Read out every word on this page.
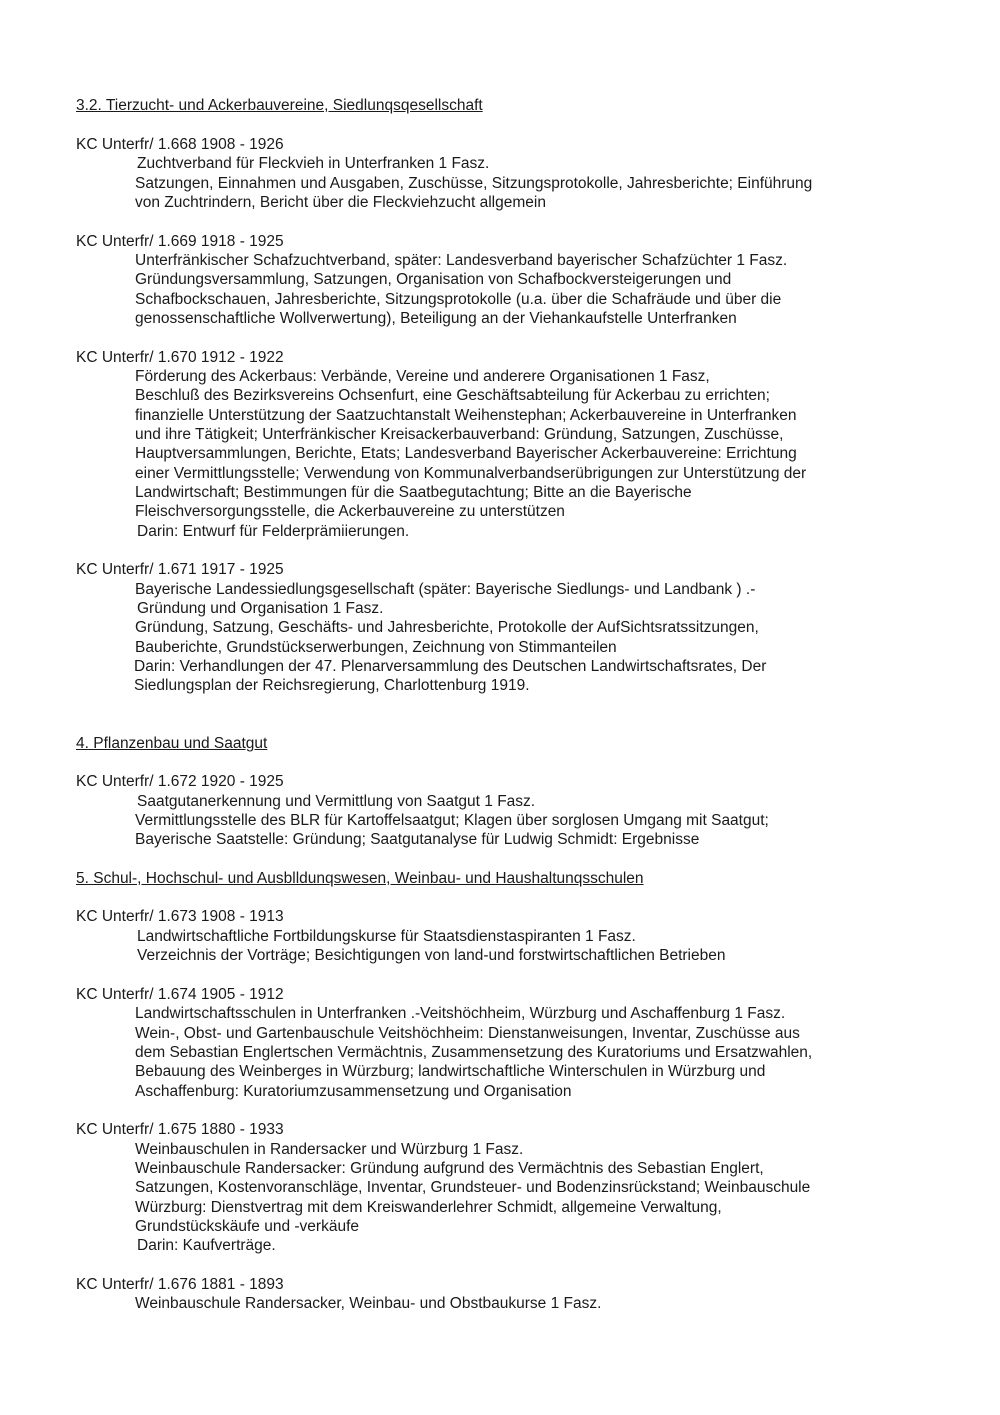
3.2. Tierzucht- und Ackerbauvereine, Siedlunqsqesellschaft
KC Unterfr/ 1.668 1908 - 1926
Zuchtverband für Fleckvieh in Unterfranken 1 Fasz.
Satzungen, Einnahmen und Ausgaben, Zuschüsse, Sitzungsprotokolle, Jahresberichte; Einführung
von Zuchtrindern, Bericht über die Fleckviehzucht allgemein
KC Unterfr/ 1.669 1918 - 1925
Unterfränkischer Schafzuchtverband, später: Landesverband bayerischer Schafzüchter 1 Fasz.
Gründungsversammlung, Satzungen, Organisation von Schafbockversteigerungen und
Schafbockschauen, Jahresberichte, Sitzungsprotokolle (u.a. über die Schafräude und über die
genossenschaftliche Wollverwertung), Beteiligung an der Viehankaufstelle Unterfranken
KC Unterfr/ 1.670 1912 - 1922
Förderung des Ackerbaus: Verbände, Vereine und anderere Organisationen 1 Fasz,
Beschluß des Bezirksvereins Ochsenfurt, eine Geschäftsabteilung für Ackerbau zu errichten;
finanzielle Unterstützung der Saatzuchtanstalt Weihenstephan; Ackerbauvereine in Unterfranken
und ihre Tätigkeit; Unterfränkischer Kreisackerbauverband: Gründung, Satzungen, Zuschüsse,
Hauptversammlungen, Berichte, Etats; Landesverband Bayerischer Ackerbauvereine: Errichtung
einer Vermittlungsstelle; Verwendung von Kommunalverbandserübrigungen zur Unterstützung der
Landwirtschaft; Bestimmungen für die Saatbegutachtung; Bitte an die Bayerische
Fleischversorgungsstelle, die Ackerbauvereine zu unterstützen
Darin: Entwurf für Felderprämiierungen.
KC Unterfr/ 1.671 1917 - 1925
Bayerische Landessiedlungsgesellschaft (später: Bayerische Siedlungs- und Landbank ) .-
Gründung und Organisation 1 Fasz.
Gründung, Satzung, Geschäfts- und Jahresberichte, Protokolle der AufSichtsratssitzungen,
Bauberichte, Grundstückserwerbungen, Zeichnung von Stimmanteilen
Darin: Verhandlungen der 47. Plenarversammlung des Deutschen Landwirtschaftsrates, Der
Siedlungsplan der Reichsregierung, Charlottenburg 1919.
4. Pflanzenbau und Saatgut
KC Unterfr/ 1.672 1920 - 1925
Saatgutanerkennung und Vermittlung von Saatgut 1 Fasz.
Vermittlungsstelle des BLR für Kartoffelsaatgut; Klagen über sorglosen Umgang mit Saatgut;
Bayerische Saatstelle: Gründung; Saatgutanalyse für Ludwig Schmidt: Ergebnisse
5. Schul-, Hochschul- und Ausblldunqswesen, Weinbau- und Haushaltunqsschulen
KC Unterfr/ 1.673 1908 - 1913
Landwirtschaftliche Fortbildungskurse für Staatsdienstaspiranten 1 Fasz.
Verzeichnis der Vorträge; Besichtigungen von land-und forstwirtschaftlichen Betrieben
KC Unterfr/ 1.674 1905 - 1912
Landwirtschaftsschulen in Unterfranken .-Veitshöchheim, Würzburg und Aschaffenburg 1 Fasz.
Wein-, Obst- und Gartenbauschule Veitshöchheim: Dienstanweisungen, Inventar, Zuschüsse aus
dem Sebastian Englertschen Vermächtnis, Zusammensetzung des Kuratoriums und Ersatzwahlen,
Bebauung des Weinberges in Würzburg; landwirtschaftliche Winterschulen in Würzburg und
Aschaffenburg: Kuratoriumzusammensetzung und Organisation
KC Unterfr/ 1.675 1880 - 1933
Weinbauschulen in Randersacker und Würzburg 1 Fasz.
Weinbauschule Randersacker: Gründung aufgrund des Vermächtnis des Sebastian Englert,
Satzungen, Kostenvoranschläge, Inventar, Grundsteuer- und Bodenzinsrückstand; Weinbauschule
Würzburg: Dienstvertrag mit dem Kreiswanderlehrer Schmidt, allgemeine Verwaltung,
Grundstückskäufe und -verkäufe
Darin: Kaufverträge.
KC Unterfr/ 1.676 1881 - 1893
Weinbauschule Randersacker, Weinbau- und Obstbaukurse 1 Fasz.
